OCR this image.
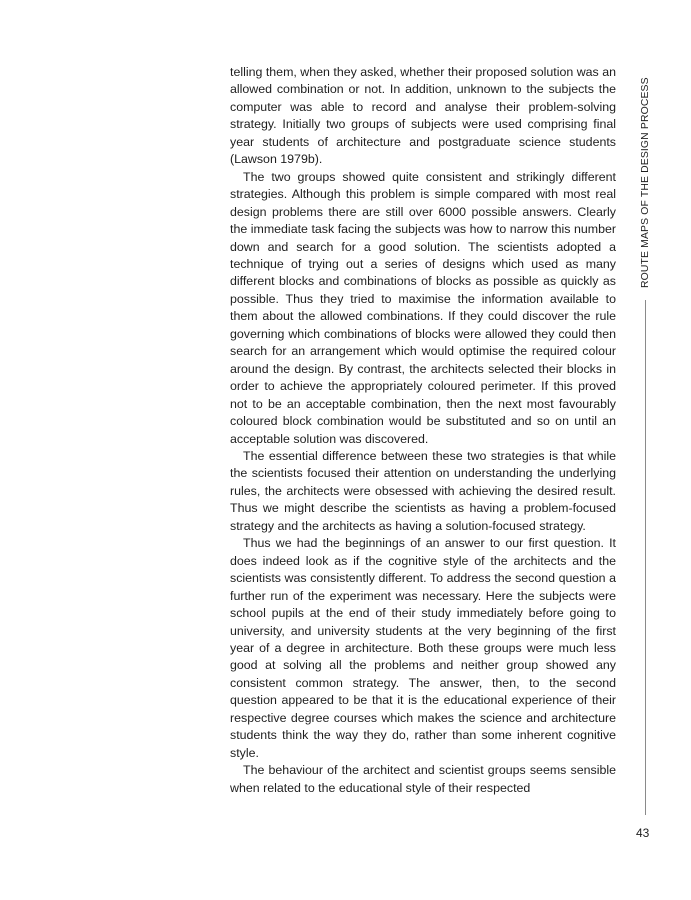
telling them, when they asked, whether their proposed solution was an allowed combination or not. In addition, unknown to the subjects the computer was able to record and analyse their problem-solving strategy. Initially two groups of subjects were used comprising final year students of architecture and postgraduate science students (Lawson 1979b).

The two groups showed quite consistent and strikingly different strategies. Although this problem is simple compared with most real design problems there are still over 6000 possible answers. Clearly the immediate task facing the subjects was how to narrow this number down and search for a good solution. The scientists adopted a technique of trying out a series of designs which used as many different blocks and combinations of blocks as possible as quickly as possible. Thus they tried to maximise the information available to them about the allowed combinations. If they could discover the rule governing which combinations of blocks were allowed they could then search for an arrangement which would optimise the required colour around the design. By contrast, the architects selected their blocks in order to achieve the appropriately coloured perimeter. If this proved not to be an acceptable combination, then the next most favourably coloured block combination would be substituted and so on until an acceptable solution was discovered.

The essential difference between these two strategies is that while the scientists focused their attention on understanding the underlying rules, the architects were obsessed with achieving the desired result. Thus we might describe the scientists as having a problem-focused strategy and the architects as having a solution-focused strategy.

Thus we had the beginnings of an answer to our first question. It does indeed look as if the cognitive style of the architects and the scientists was consistently different. To address the second question a further run of the experiment was necessary. Here the subjects were school pupils at the end of their study immediately before going to university, and university students at the very beginning of the first year of a degree in architecture. Both these groups were much less good at solving all the problems and neither group showed any consistent common strategy. The answer, then, to the second question appeared to be that it is the educational experience of their respective degree courses which makes the science and architecture students think the way they do, rather than some inherent cognitive style.

The behaviour of the architect and scientist groups seems sensible when related to the educational style of their respected

ROUTE MAPS OF THE DESIGN PROCESS
43
